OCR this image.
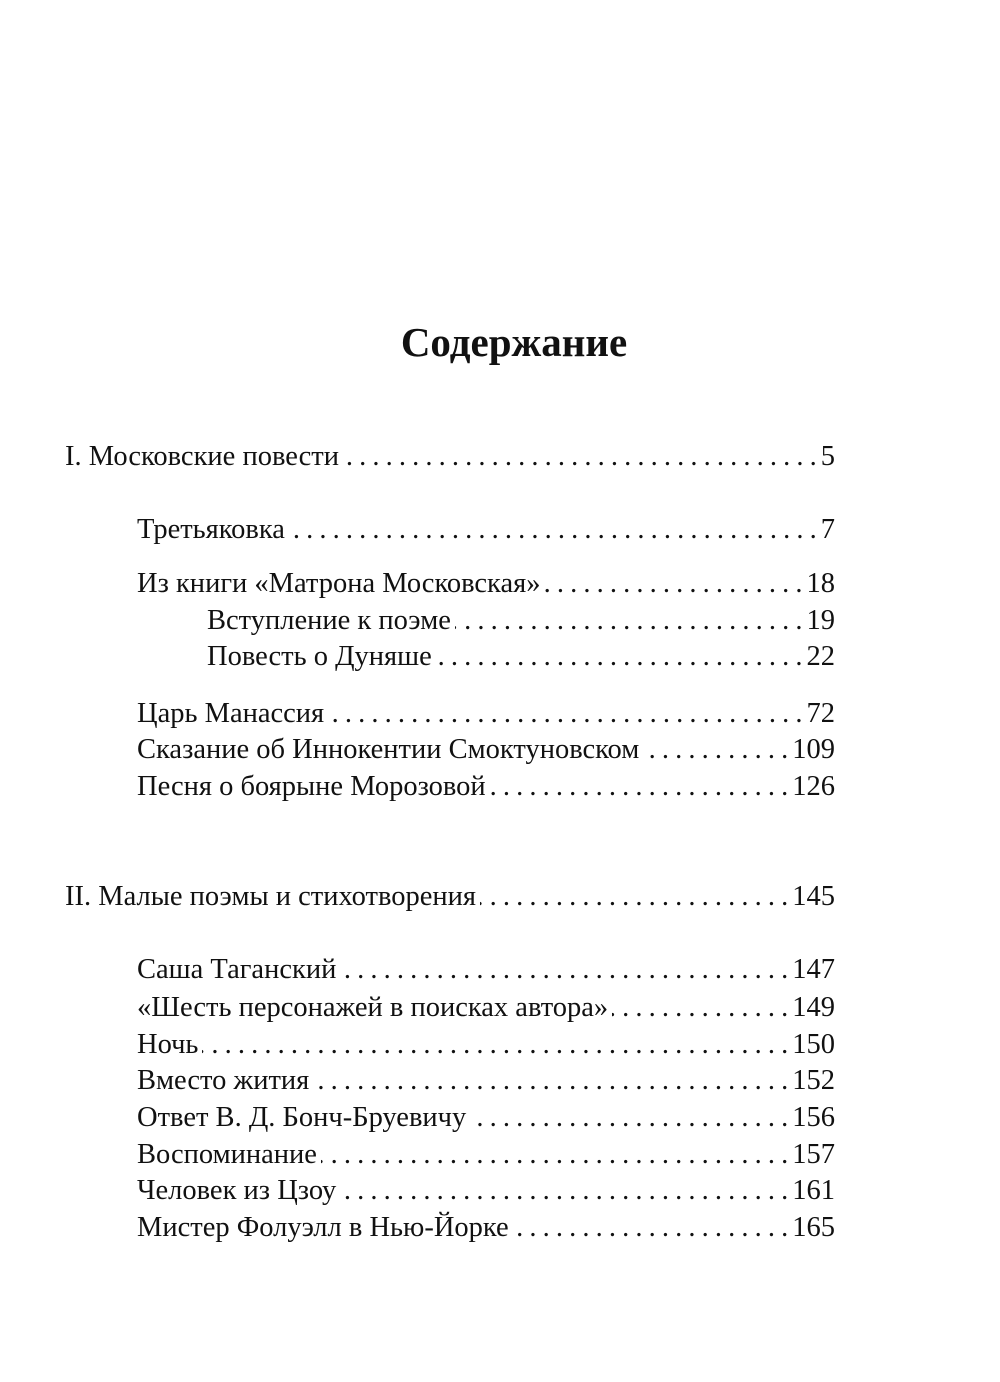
Содержание
I. Московские повести . . .	5
Третьяковка . . .	7
Из книги «Матрона Московская» . . .	18
Вступление к поэме . . .	19
Повесть о Дуняше . . .	22
Царь Манассия . . .	72
Сказание об Иннокентии Смоктуновском . . .	109
Песня о боярыне Морозовой . . .	126
II. Малые поэмы и стихотворения . . .	145
Саша Таганский . . .	147
«Шесть персонажей в поисках автора» . . .	149
Ночь . . .	150
Вместо жития . . .	152
Ответ В. Д. Бонч-Бруевичу . . .	156
Воспоминание . . .	157
Человек из Цзоу . . .	161
Мистер Фолуэлл в Нью-Йорке . . .	165
